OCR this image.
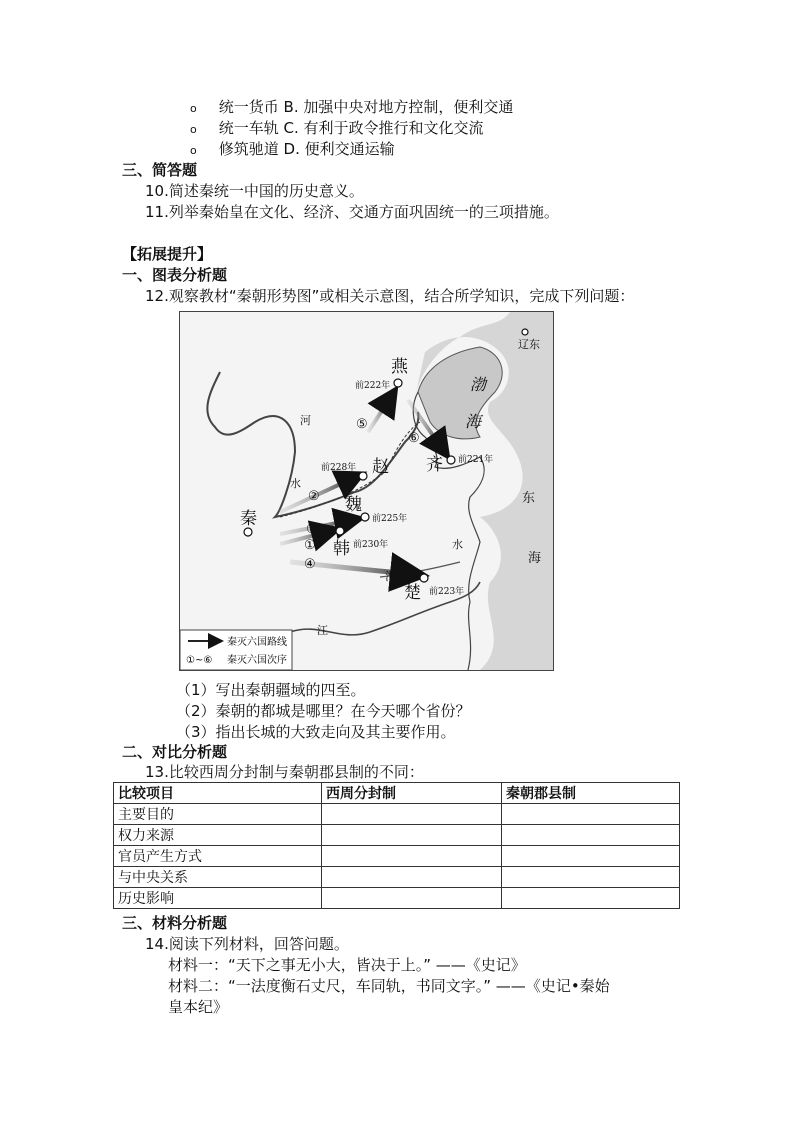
o 统一货币 B. 加强中央对地方控制，便利交通
o 统一车轨 C. 有利于政令推行和文化交流
o 修筑驰道 D. 便利交通运输
三、简答题
10.简述秦统一中国的历史意义。
11.列举秦始皇在文化、经济、交通方面巩固统一的三项措施。
【拓展提升】
一、图表分析题
12.观察教材“秦朝形势图”或相关示意图，结合所学知识，完成下列问题：
秦
赵
魏
韩
楚
燕
齐
前228年
前225年
前230年
前223年
前222年
前221年
①
②
③
④
⑤
⑥
辽东
渤
海
东
海
河
水
淮
水
江
秦灭六国路线
①~⑥ 秦灭六国次序
（1）写出秦朝疆域的四至。
（2）秦朝的都城是哪里？在今天哪个省份？
（3）指出长城的大致走向及其主要作用。
二、对比分析题
13.比较西周分封制与秦朝郡县制的不同：
比较项目	西周分封制	秦朝郡县制
主要目的		
权力来源		
官员产生方式		
与中央关系		
历史影响		
三、材料分析题
14.阅读下列材料，回答问题。
材料一：“天下之事无小大，皆决于上。” ——《史记》
材料二：“一法度衡石丈尺，车同轨，书同文字。” ——《史记•秦始
皇本纪》
